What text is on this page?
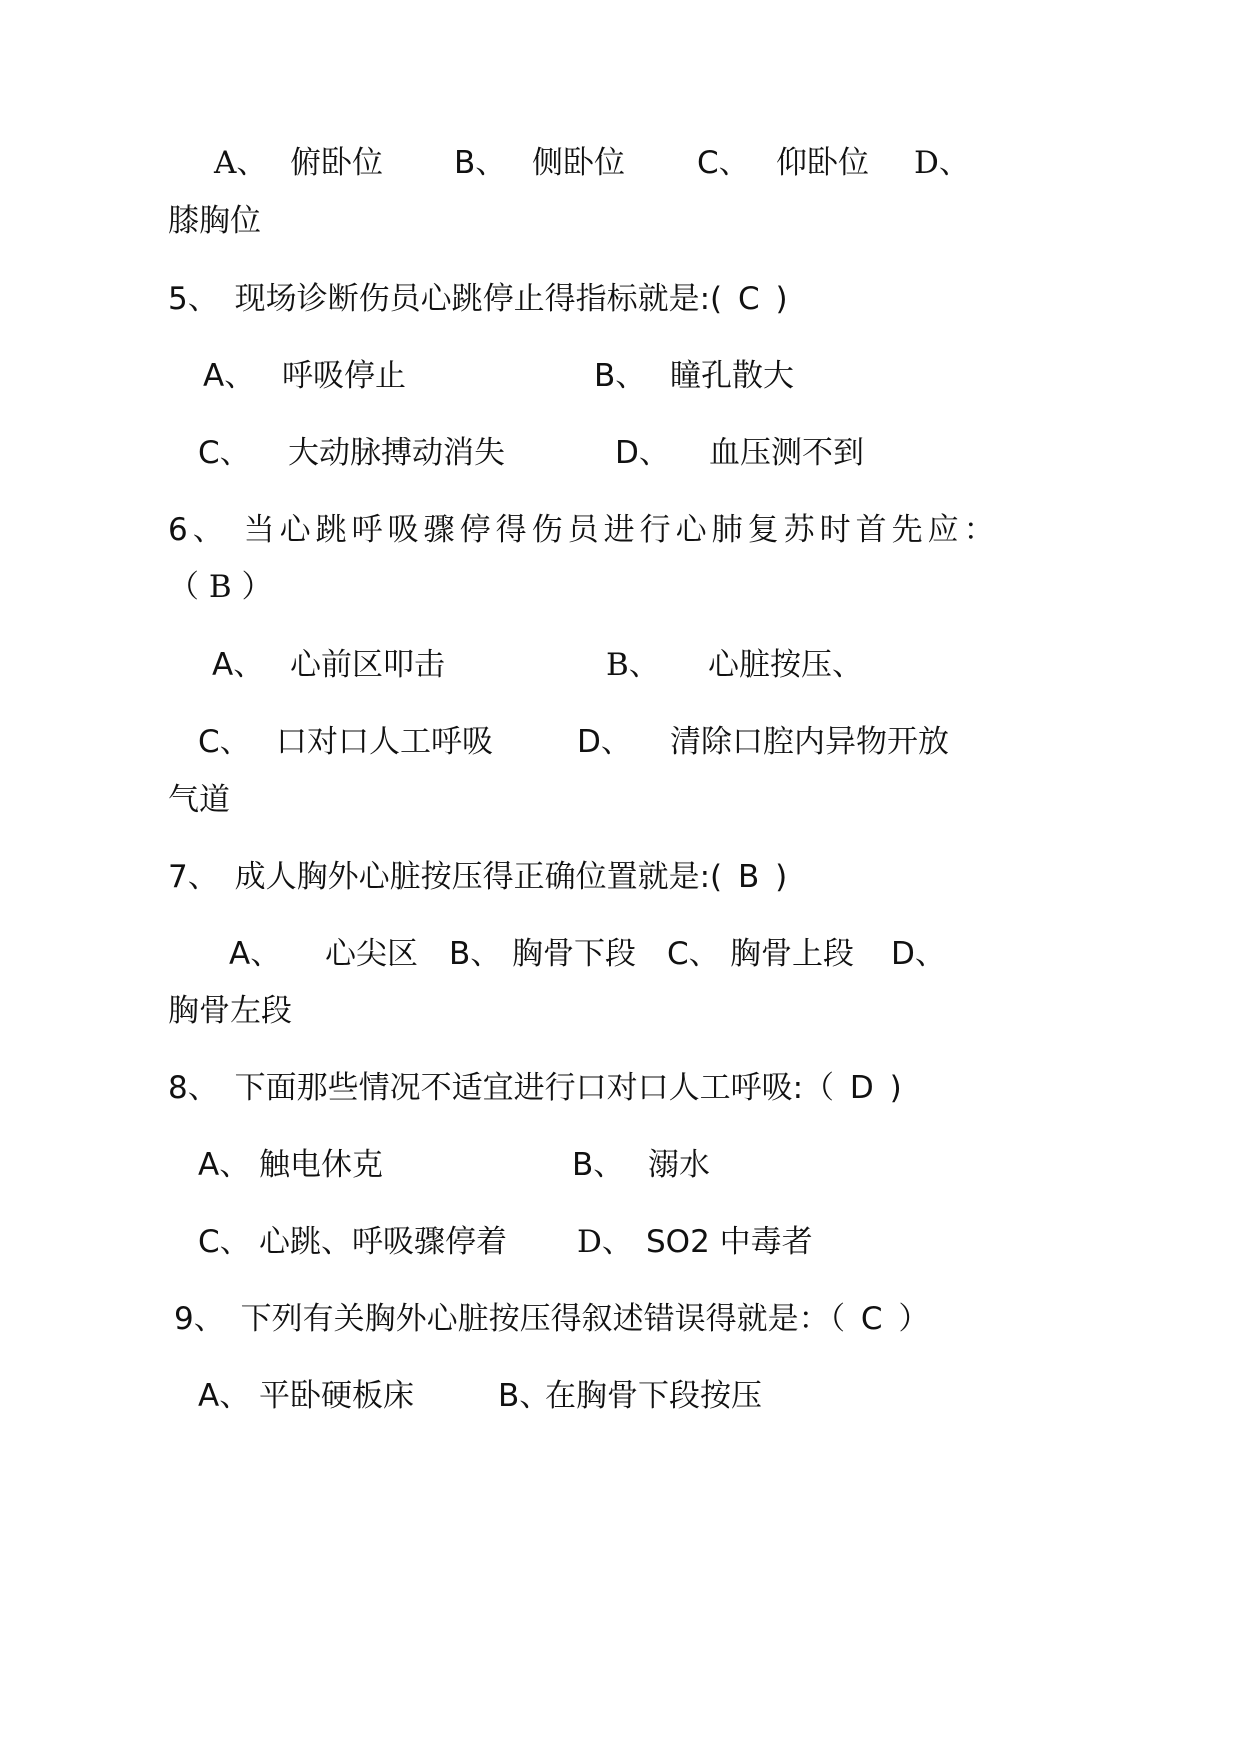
A、 俯卧位 B、 侧卧位 C、 仰卧位 D、
膝胸位
5、 现场诊断伤员心跳停止得指标就是:( C )
A、 呼吸停止	B、 瞳孔散大
C、 大动脉搏动消失	D、 血压测不到
6、 当心跳呼吸骤停得伤员进行心肺复苏时首先应：
（ B ）
A、 心前区叩击	B、 心脏按压、
C、 口对口人工呼吸	D、 清除口腔内异物开放
气道
7、 成人胸外心脏按压得正确位置就是:( B )
A、 心尖区 B、 胸骨下段 C、 胸骨上段 D、
胸骨左段
8、 下面那些情况不适宜进行口对口人工呼吸:（ D )
A、 触电休克	B、 溺水
C、 心跳、呼吸骤停着 D、 SO2 中毒者
9、 下列有关胸外心脏按压得叙述错误得就是：（ C ）
A、 平卧硬板床	B、
在胸骨下段按压
